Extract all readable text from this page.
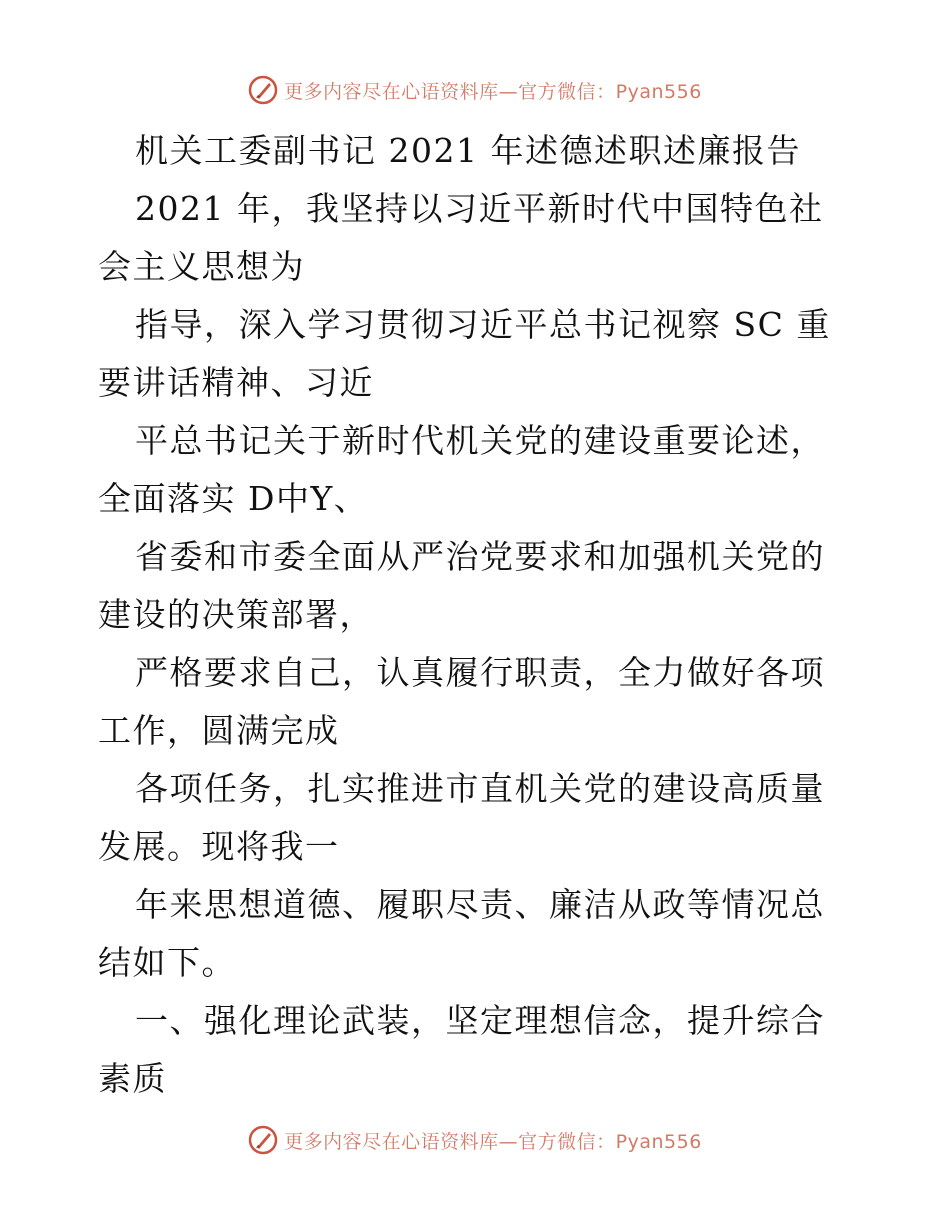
更多内容尽在心语资料库—官方微信：Pyan556

机关工委副书记 2021 年述德述职述廉报告

2021 年，我坚持以习近平新时代中国特色社会主义思想为

指导，深入学习贯彻习近平总书记视察 SC 重要讲话精神、习近

平总书记关于新时代机关党的建设重要论述，全面落实 D中Y、

省委和市委全面从严治党要求和加强机关党的建设的决策部署，

严格要求自己，认真履行职责，全力做好各项工作，圆满完成

各项任务，扎实推进市直机关党的建设高质量发展。现将我一

年来思想道德、履职尽责、廉洁从政等情况总结如下。

一、强化理论武装，坚定理想信念，提升综合素质

更多内容尽在心语资料库—官方微信：Pyan556
